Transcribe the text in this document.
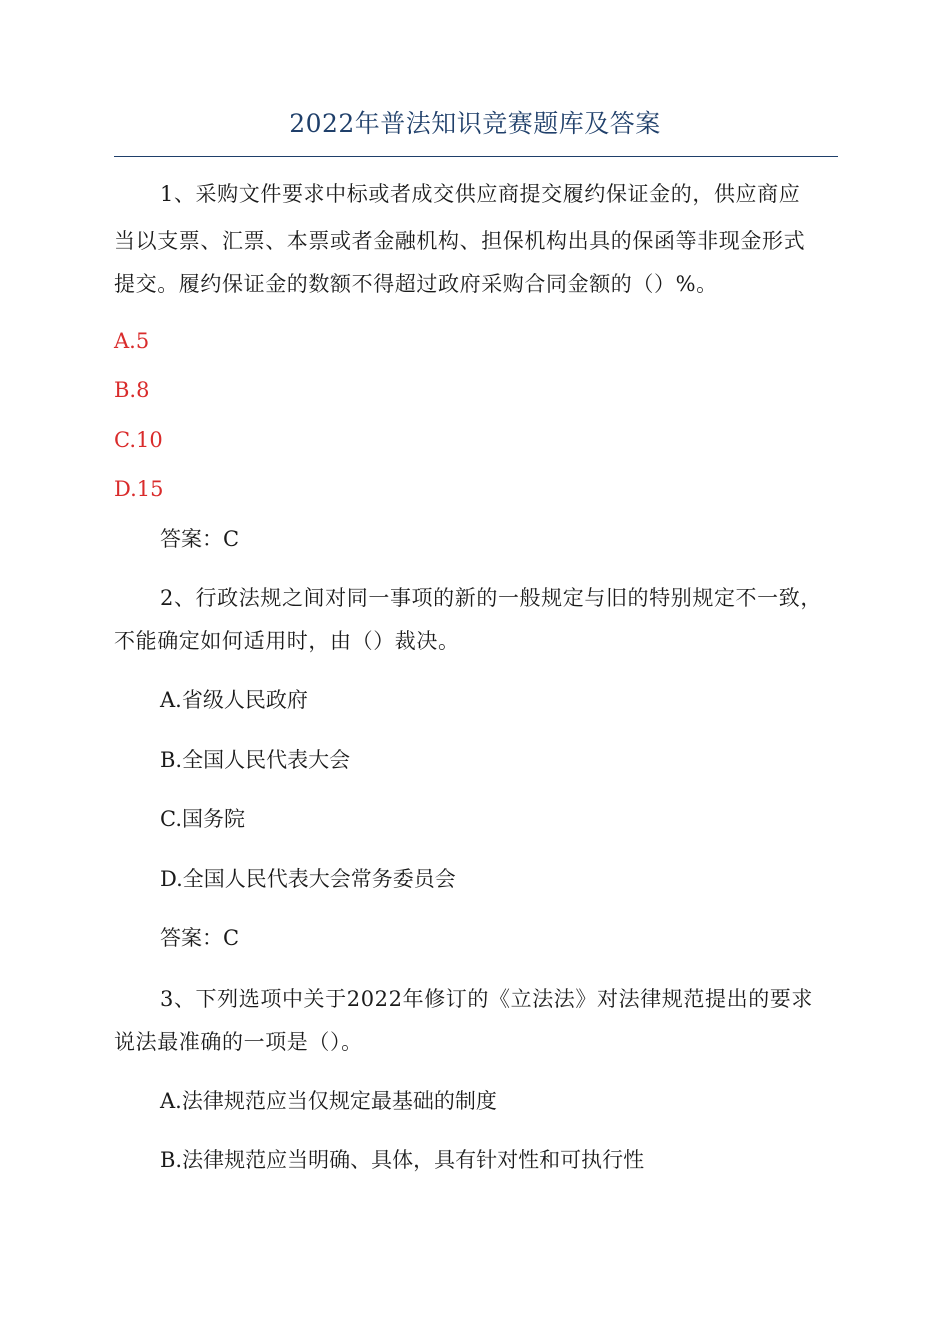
2022年普法知识竞赛题库及答案
1、采购文件要求中标或者成交供应商提交履约保证金的，供应商应
当以支票、汇票、本票或者金融机构、担保机构出具的保函等非现金形式
提交。履约保证金的数额不得超过政府采购合同金额的（）%。
A.5
B.8
C.10
D.15
答案：C
2、行政法规之间对同一事项的新的一般规定与旧的特别规定不一致，
不能确定如何适用时，由（）裁决。
A.省级人民政府
B.全国人民代表大会
C.国务院
D.全国人民代表大会常务委员会
答案：C
3、下列选项中关于2022年修订的《立法法》对法律规范提出的要求
说法最准确的一项是（）。
A.法律规范应当仅规定最基础的制度
B.法律规范应当明确、具体，具有针对性和可执行性
